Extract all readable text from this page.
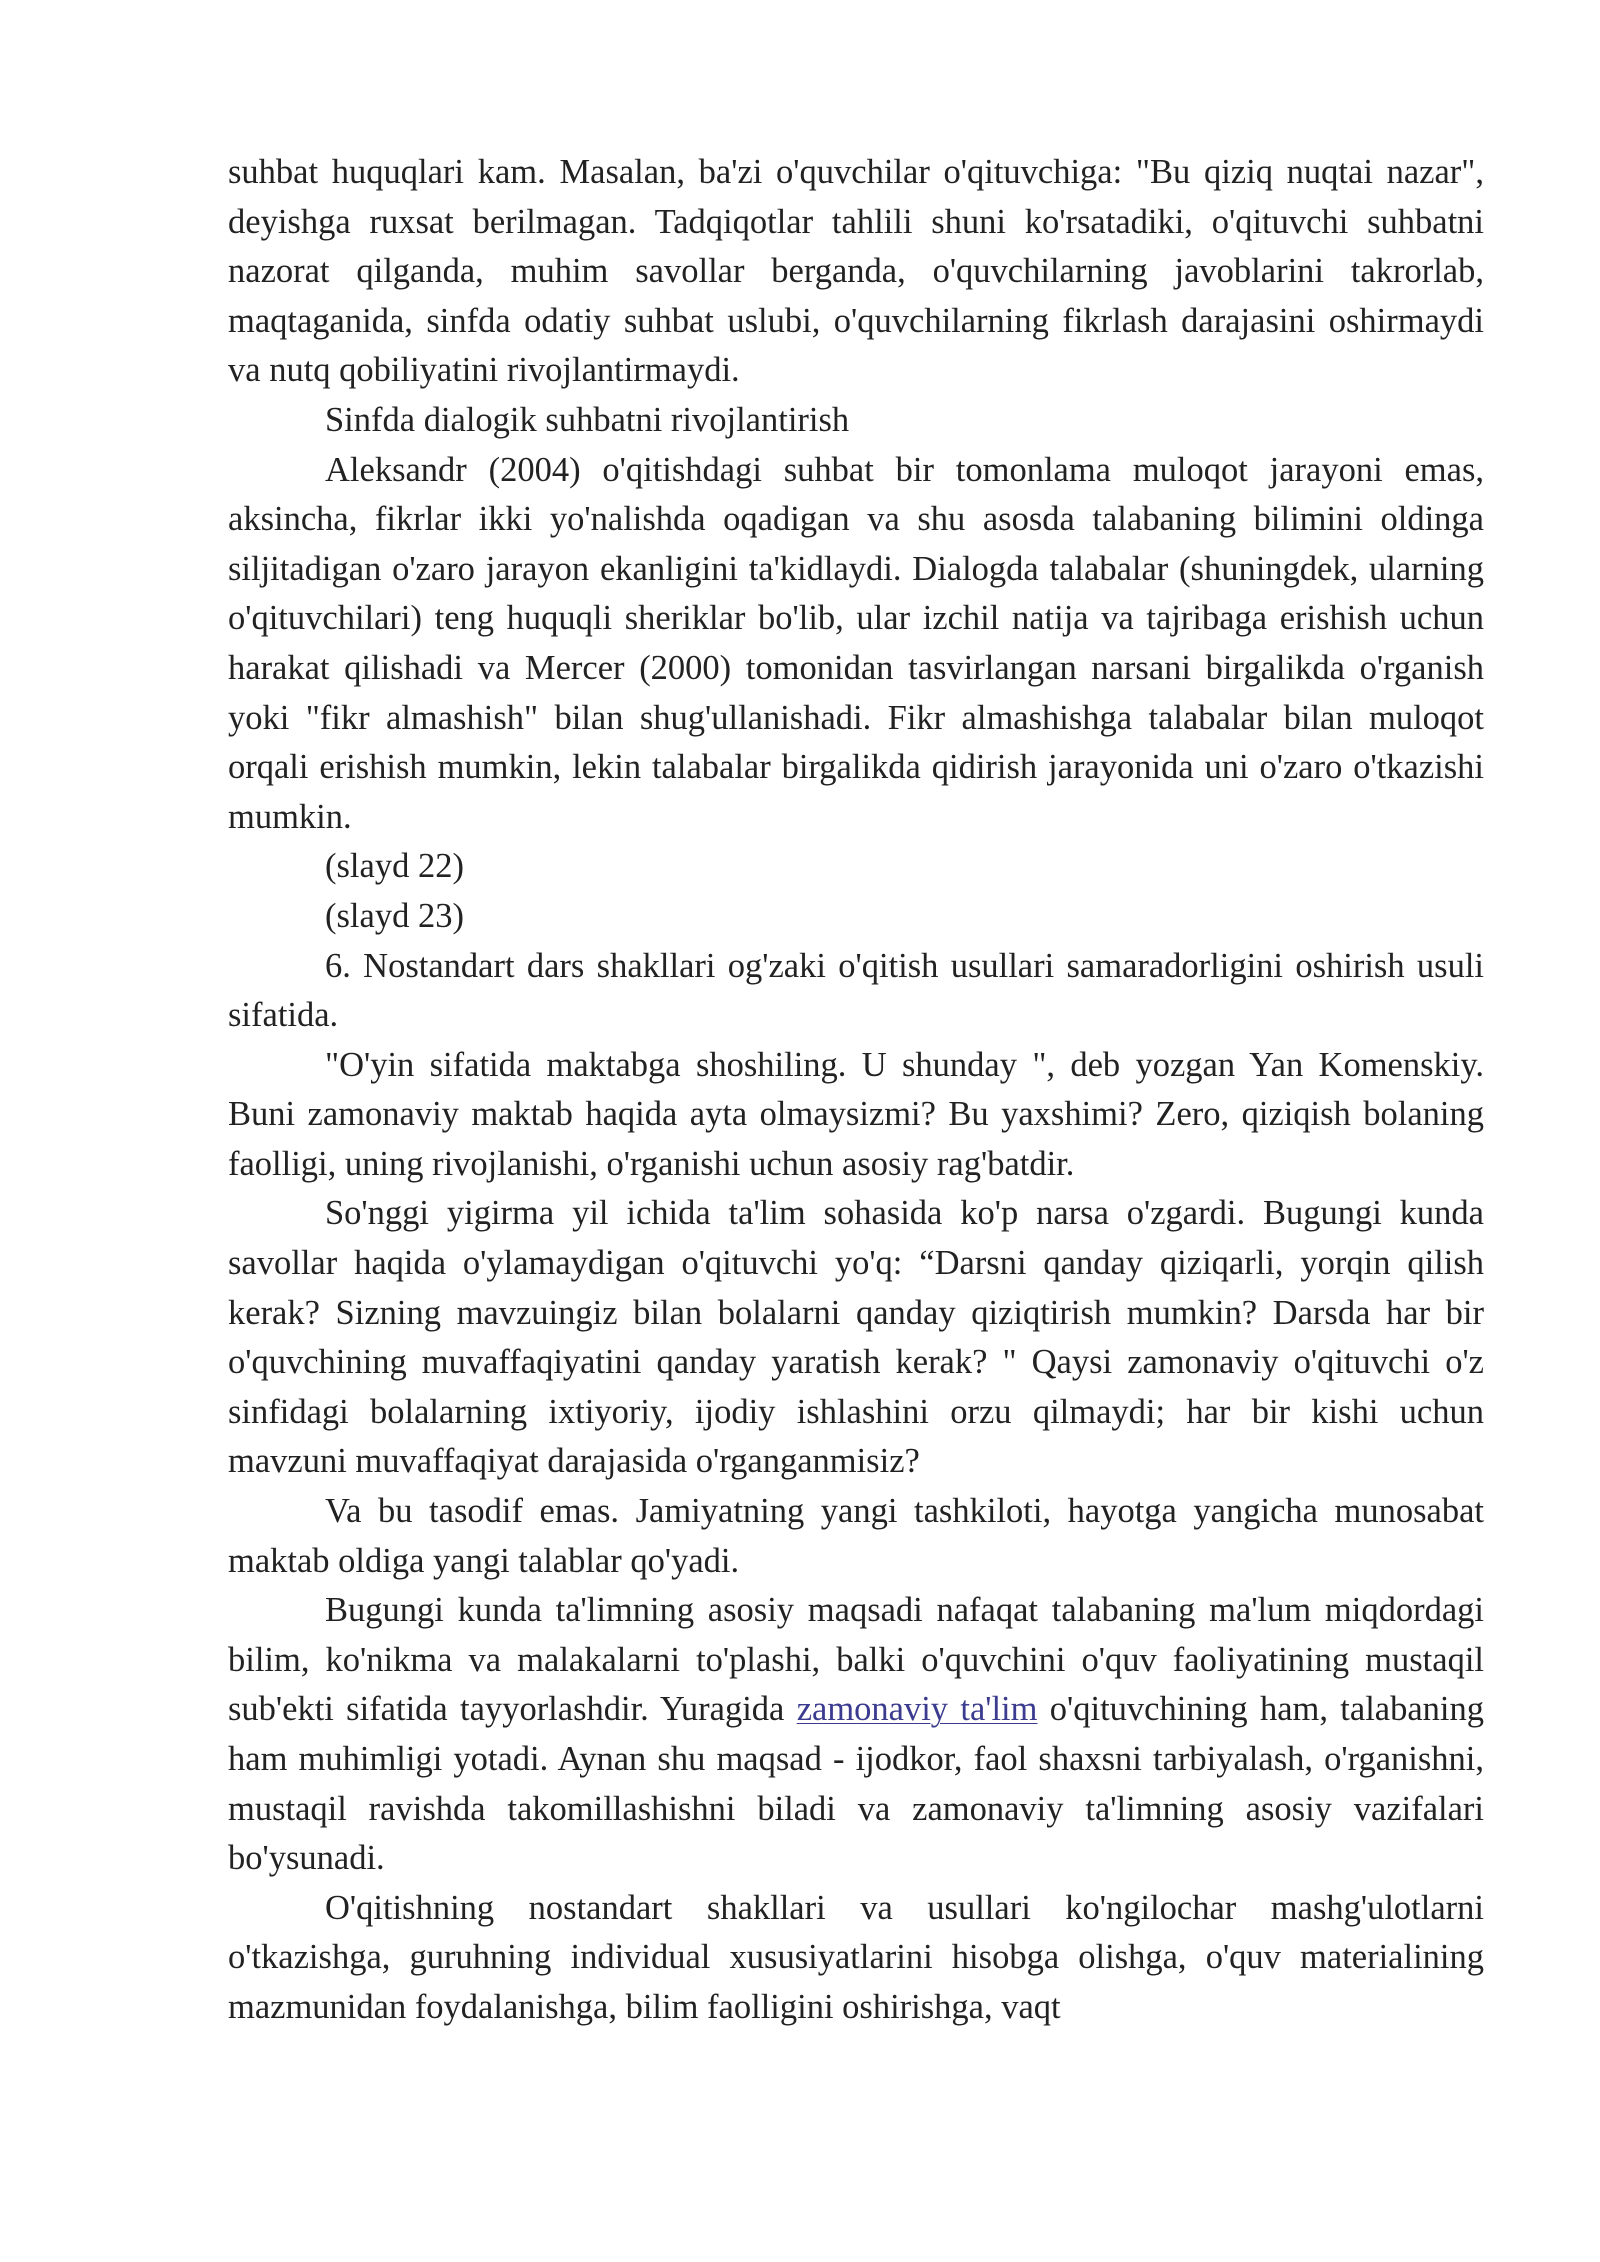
suhbat huquqlari kam. Masalan, ba'zi o'quvchilar o'qituvchiga: "Bu qiziq nuqtai nazar", deyishga ruxsat berilmagan. Tadqiqotlar tahlili shuni ko'rsatadiki, o'qituvchi suhbatni nazorat qilganda, muhim savollar berganda, o'quvchilarning javoblarini takrorlab, maqtaganida, sinfda odatiy suhbat uslubi, o'quvchilarning fikrlash darajasini oshirmaydi va nutq qobiliyatini rivojlantirmaydi.

Sinfda dialogik suhbatni rivojlantirish

Aleksandr (2004) o'qitishdagi suhbat bir tomonlama muloqot jarayoni emas, aksincha, fikrlar ikki yo'nalishda oqadigan va shu asosda talabaning bilimini oldinga siljitadigan o'zaro jarayon ekanligini ta'kidlaydi. Dialogda talabalar (shuningdek, ularning o'qituvchilari) teng huquqli sheriklar bo'lib, ular izchil natija va tajribaga erishish uchun harakat qilishadi va Mercer (2000) tomonidan tasvirlangan narsani birgalikda o'rganish yoki "fikr almashish" bilan shug'ullanishadi. Fikr almashishga talabalar bilan muloqot orqali erishish mumkin, lekin talabalar birgalikda qidirish jarayonida uni o'zaro o'tkazishi mumkin.

(slayd 22)

(slayd 23)

6. Nostandart dars shakllari og'zaki o'qitish usullari samaradorligini oshirish usuli sifatida.

"O'yin sifatida maktabga shoshiling. U shunday ", deb yozgan Yan Komenskiy. Buni zamonaviy maktab haqida ayta olmaysizmi? Bu yaxshimi? Zero, qiziqish bolaning faolligi, uning rivojlanishi, o'rganishi uchun asosiy rag'batdir.

So'nggi yigirma yil ichida ta'lim sohasida ko'p narsa o'zgardi. Bugungi kunda savollar haqida o'ylamaydigan o'qituvchi yo'q: “Darsni qanday qiziqarli, yorqin qilish kerak? Sizning mavzuingiz bilan bolalarni qanday qiziqtirish mumkin? Darsda har bir o'quvchining muvaffaqiyatini qanday yaratish kerak? " Qaysi zamonaviy o'qituvchi o'z sinfidagi bolalarning ixtiyoriy, ijodiy ishlashini orzu qilmaydi; har bir kishi uchun mavzuni muvaffaqiyat darajasida o'rganganmisiz?

Va bu tasodif emas. Jamiyatning yangi tashkiloti, hayotga yangicha munosabat maktab oldiga yangi talablar qo'yadi.

Bugungi kunda ta'limning asosiy maqsadi nafaqat talabaning ma'lum miqdordagi bilim, ko'nikma va malakalarni to'plashi, balki o'quvchini o'quv faoliyatining mustaqil sub'ekti sifatida tayyorlashdir. Yuragida zamonaviy ta'lim o'qituvchining ham, talabaning ham muhimligi yotadi. Aynan shu maqsad - ijodkor, faol shaxsni tarbiyalash, o'rganishni, mustaqil ravishda takomillashishni biladi va zamonaviy ta'limning asosiy vazifalari bo'ysunadi.

O'qitishning nostandart shakllari va usullari ko'ngilochar mashg'ulotlarni o'tkazishga, guruhning individual xususiyatlarini hisobga olishga, o'quv materialining mazmunidan foydalanishga, bilim faolligini oshirishga, vaqt
